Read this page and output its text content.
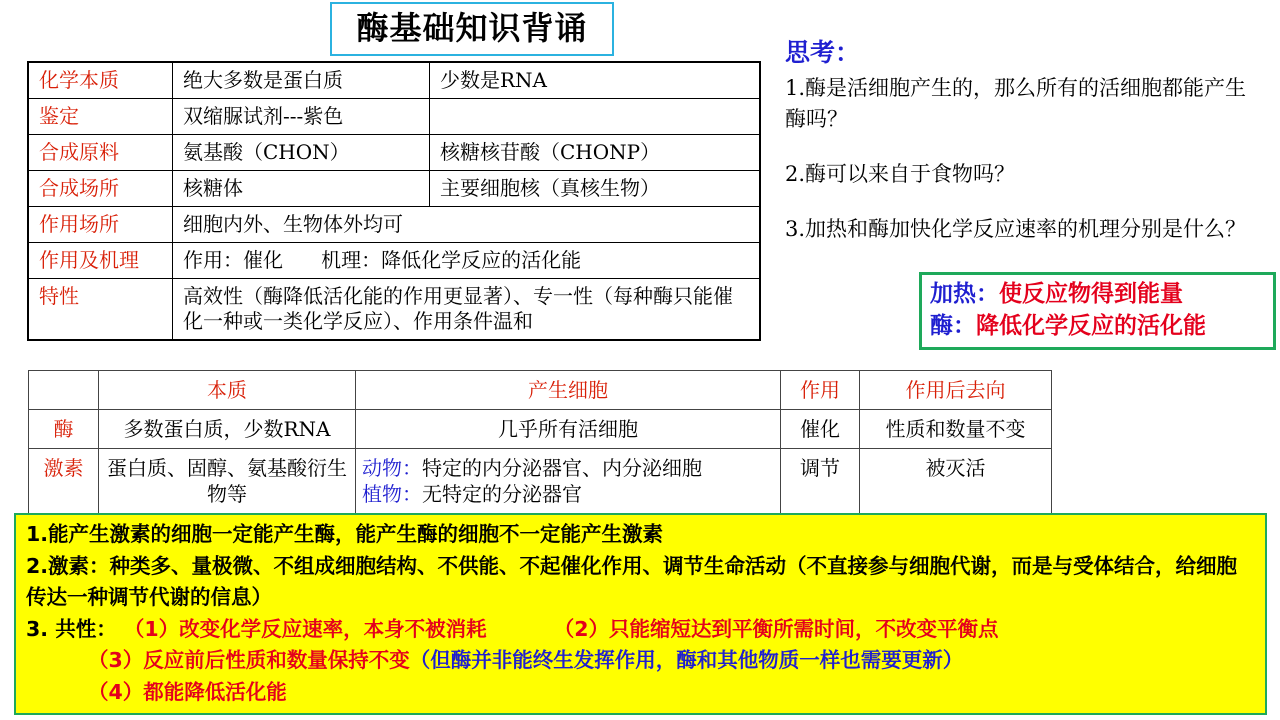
酶基础知识背诵
化学本质	绝大多数是蛋白质	少数是RNA
鉴定	双缩脲试剂---紫色	
合成原料	氨基酸（CHON）	核糖核苷酸（CHONP）
合成场所	核糖体	主要细胞核（真核生物）
作用场所	细胞内外、生物体外均可	
作用及机理	作用：催化      机理：降低化学反应的活化能	
特性	高效性（酶降低活化能的作用更显著）、专一性（每种酶只能催化一种或一类化学反应）、作用条件温和	
	本质	产生细胞	作用	作用后去向
酶	多数蛋白质，少数RNA	几乎所有活细胞	催化	性质和数量不变
激素	蛋白质、固醇、氨基酸衍生物等	动物：特定的内分泌器官、内分泌细胞
植物：无特定的分泌器官	调节	被灭活
思考：

1.酶是活细胞产生的，那么所有的活细胞都能产生酶吗？

2.酶可以来自于食物吗？

3.加热和酶加快化学反应速率的机理分别是什么？

加热：使反应物得到能量
酶：降低化学反应的活化能
1.能产生激素的细胞一定能产生酶，能产生酶的细胞不一定能产生激素
2.激素：种类多、量极微、不组成细胞结构、不供能、不起催化作用、调节生命活动（不直接参与细胞代谢，而是与受体结合，给细胞传达一种调节代谢的信息）
3. 共性： （1）改变化学反应速率，本身不被消耗	（2）只能缩短达到平衡所需时间，不改变平衡点
（3）反应前后性质和数量保持不变（但酶并非能终生发挥作用，酶和其他物质一样也需要更新）
（4）都能降低活化能
